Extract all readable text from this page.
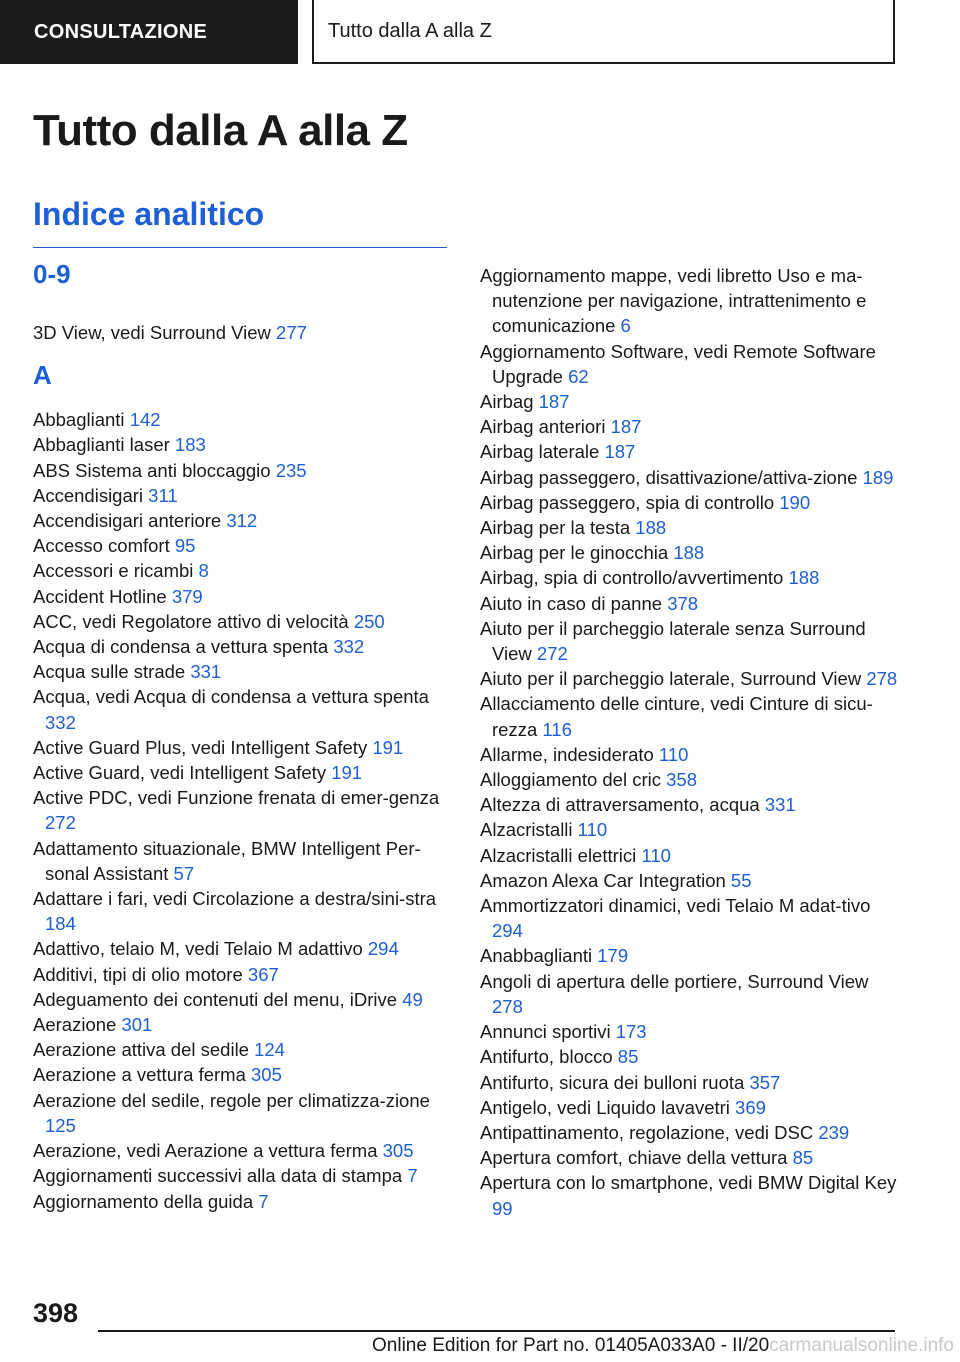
CONSULTAZIONE	Tutto dalla A alla Z
Tutto dalla A alla Z
Indice analitico
0-9

3D View, vedi Surround View 277

A

Abbaglianti 142

Abbaglianti laser 183

ABS Sistema anti bloccaggio 235

Accendisigari 311

Accendisigari anteriore 312

Accesso comfort 95

Accessori e ricambi 8

Accident Hotline 379

ACC, vedi Regolatore attivo di velocità 250

Acqua di condensa a vettura spenta 332

Acqua sulle strade 331

Acqua, vedi Acqua di condensa a vettura spenta 332

Active Guard Plus, vedi Intelligent Safety 191

Active Guard, vedi Intelligent Safety 191

Active PDC, vedi Funzione frenata di emer‐genza 272

Adattamento situazionale, BMW Intelligent Per‐sonal Assistant 57

Adattare i fari, vedi Circolazione a destra/sini‐stra 184

Adattivo, telaio M, vedi Telaio M adattivo 294

Additivi, tipi di olio motore 367

Adeguamento dei contenuti del menu, iDrive 49

Aerazione 301

Aerazione attiva del sedile 124

Aerazione a vettura ferma 305

Aerazione del sedile, regole per climatizza‐zione 125

Aerazione, vedi Aerazione a vettura ferma 305

Aggiornamenti successivi alla data di stampa 7

Aggiornamento della guida 7

Aggiornamento mappe, vedi libretto Uso e ma‐nutenzione per navigazione, intrattenimento e comunicazione 6

Aggiornamento Software, vedi Remote Software Upgrade 62

Airbag 187

Airbag anteriori 187

Airbag laterale 187

Airbag passeggero, disattivazione/attiva‐zione 189

Airbag passeggero, spia di controllo 190

Airbag per la testa 188

Airbag per le ginocchia 188

Airbag, spia di controllo/avvertimento 188

Aiuto in caso di panne 378

Aiuto per il parcheggio laterale senza Surround View 272

Aiuto per il parcheggio laterale, Surround View 278

Allacciamento delle cinture, vedi Cinture di sicu‐rezza 116

Allarme, indesiderato 110

Alloggiamento del cric 358

Altezza di attraversamento, acqua 331

Alzacristalli 110

Alzacristalli elettrici 110

Amazon Alexa Car Integration 55

Ammortizzatori dinamici, vedi Telaio M adat‐tivo 294

Anabbaglianti 179

Angoli di apertura delle portiere, Surround View 278

Annunci sportivi 173

Antifurto, blocco 85

Antifurto, sicura dei bulloni ruota 357

Antigelo, vedi Liquido lavavetri 369

Antipattinamento, regolazione, vedi DSC 239

Apertura comfort, chiave della vettura 85

Apertura con lo smartphone, vedi BMW Digital Key 99

398
Online Edition for Part no. 01405A033A0 - II/20carmanualsonline.info
